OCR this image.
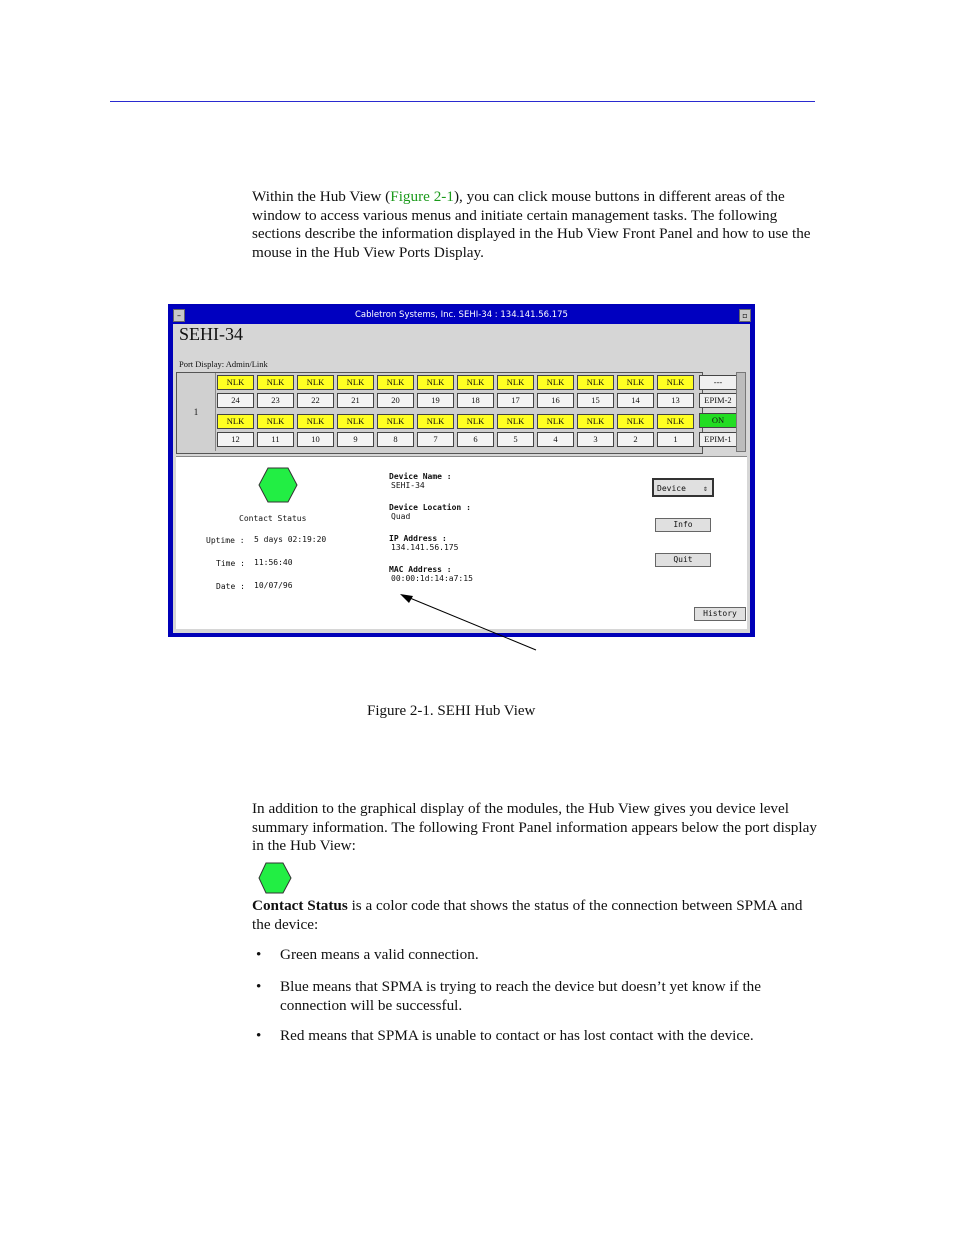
Within the Hub View (Figure 2-1), you can click mouse buttons in different areas of the window to access various menus and initiate certain management tasks. The following sections describe the information displayed in the Hub View Front Panel and how to use the mouse in the Hub View Ports Display.
Cabletron Systems, Inc. SEHI-34 : 134.141.56.175
–	▫
SEHI-34
Port Display: Admin/Link
1
NLK
24
NLK
23
NLK
22
NLK
21
NLK
20
NLK
19
NLK
18
NLK
17
NLK
16
NLK
15
NLK
14
NLK
13
NLK
12
NLK
11
NLK
10
NLK
9
NLK
8
NLK
7
NLK
6
NLK
5
NLK
4
NLK
3
NLK
2
NLK
1
---
EPIM-2
ON
EPIM-1
Contact Status
Uptime : 5 days 02:19:20
Time : 11:56:40
Date : 10/07/96
Device Name :
SEHI-34
Device Location :
Quad
IP Address :
134.141.56.175
MAC Address :
00:00:1d:14:a7:15
Device ⇕
Info
Quit
History
Figure 2-1. SEHI Hub View
In addition to the graphical display of the modules, the Hub View gives you device level summary information. The following Front Panel information appears below the port display in the Hub View:
Contact Status is a color code that shows the status of the connection between SPMA and the device:
• Green means a valid connection.
• Blue means that SPMA is trying to reach the device but doesn’t yet know if the connection will be successful.
• Red means that SPMA is unable to contact or has lost contact with the device.
